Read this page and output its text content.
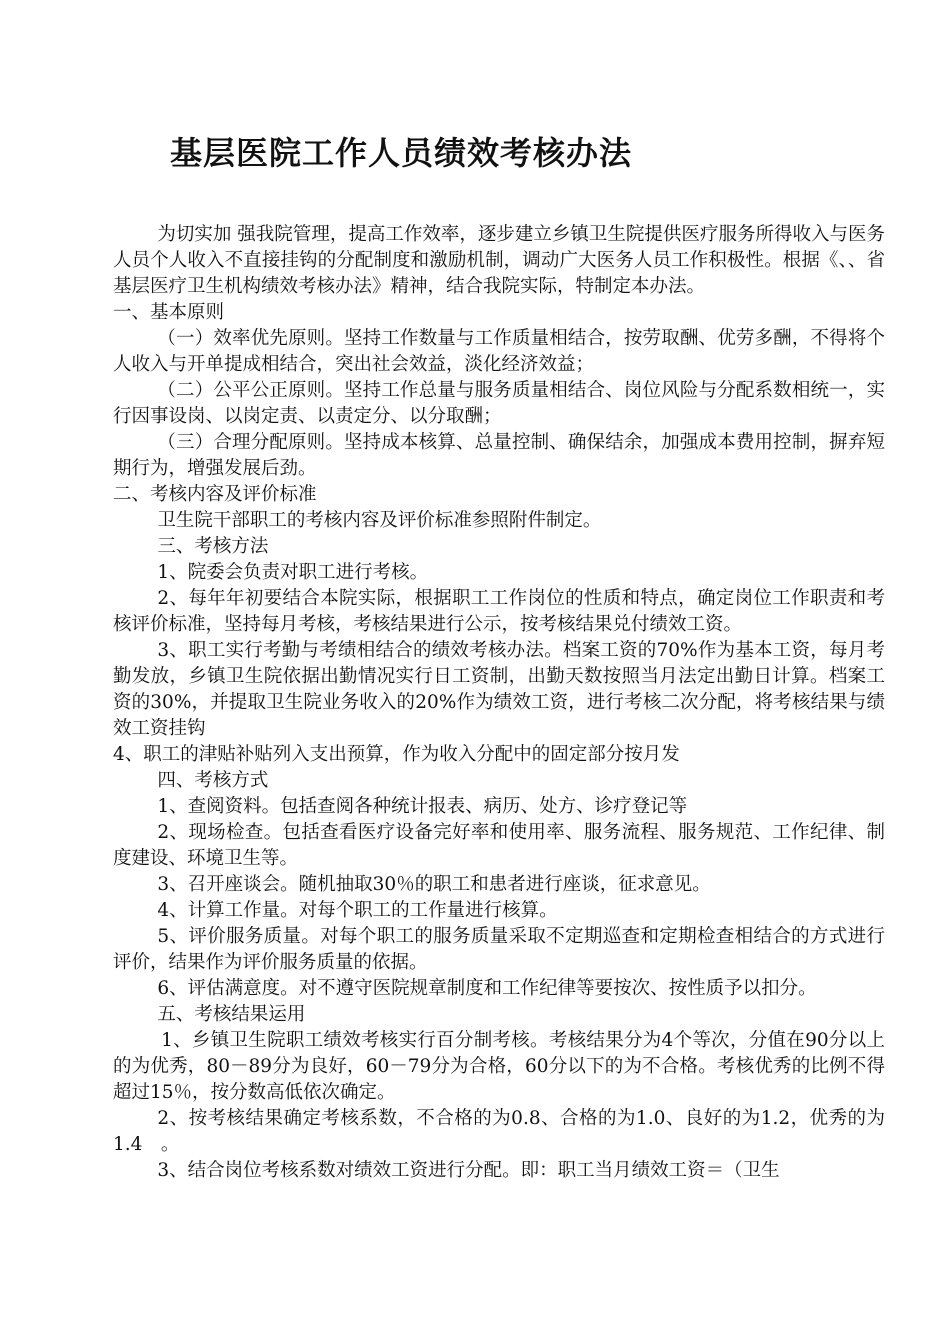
基层医院工作人员绩效考核办法

为切实加 强我院管理，提高工作效率，逐步建立乡镇卫生院提供医疗服务所得收入与医务人员个人收入不直接挂钩的分配制度和激励机制，调动广大医务人员工作积极性。根据《、、省基层医疗卫生机构绩效考核办法》精神，结合我院实际，特制定本办法。

一、基本原则

（一）效率优先原则。坚持工作数量与工作质量相结合，按劳取酬、优劳多酬，不得将个人收入与开单提成相结合，突出社会效益，淡化经济效益；

（二）公平公正原则。坚持工作总量与服务质量相结合、岗位风险与分配系数相统一，实行因事设岗、以岗定责、以责定分、以分取酬；

（三）合理分配原则。坚持成本核算、总量控制、确保结余，加强成本费用控制，摒弃短期行为，增强发展后劲。

二、考核内容及评价标准

卫生院干部职工的考核内容及评价标准参照附件制定。

三、考核方法

1、院委会负责对职工进行考核。

2、每年年初要结合本院实际，根据职工工作岗位的性质和特点，确定岗位工作职责和考核评价标准，坚持每月考核，考核结果进行公示，按考核结果兑付绩效工资。

3、职工实行考勤与考绩相结合的绩效考核办法。档案工资的70%作为基本工资，每月考勤发放，乡镇卫生院依据出勤情况实行日工资制，出勤天数按照当月法定出勤日计算。档案工资的30%，并提取卫生院业务收入的20%作为绩效工资，进行考核二次分配，将考核结果与绩效工资挂钩

4、职工的津贴补贴列入支出预算，作为收入分配中的固定部分按月发

四、考核方式

1、查阅资料。包括查阅各种统计报表、病历、处方、诊疗登记等

2、现场检查。包括查看医疗设备完好率和使用率、服务流程、服务规范、工作纪律、制度建设、环境卫生等。

3、召开座谈会。随机抽取30％的职工和患者进行座谈，征求意见。

4、计算工作量。对每个职工的工作量进行核算。

5、评价服务质量。对每个职工的服务质量采取不定期巡查和定期检查相结合的方式进行评价，结果作为评价服务质量的依据。

6、评估满意度。对不遵守医院规章制度和工作纪律等要按次、按性质予以扣分。

五、考核结果运用

1、乡镇卫生院职工绩效考核实行百分制考核。考核结果分为4个等次，分值在90分以上的为优秀，80－89分为良好，60－79分为合格，60分以下的为不合格。考核优秀的比例不得超过15％，按分数高低依次确定。

2、按考核结果确定考核系数，不合格的为0.8、合格的为1.0、良好的为1.2，优秀的为1.4　。

3、结合岗位考核系数对绩效工资进行分配。即：职工当月绩效工资＝（卫生
